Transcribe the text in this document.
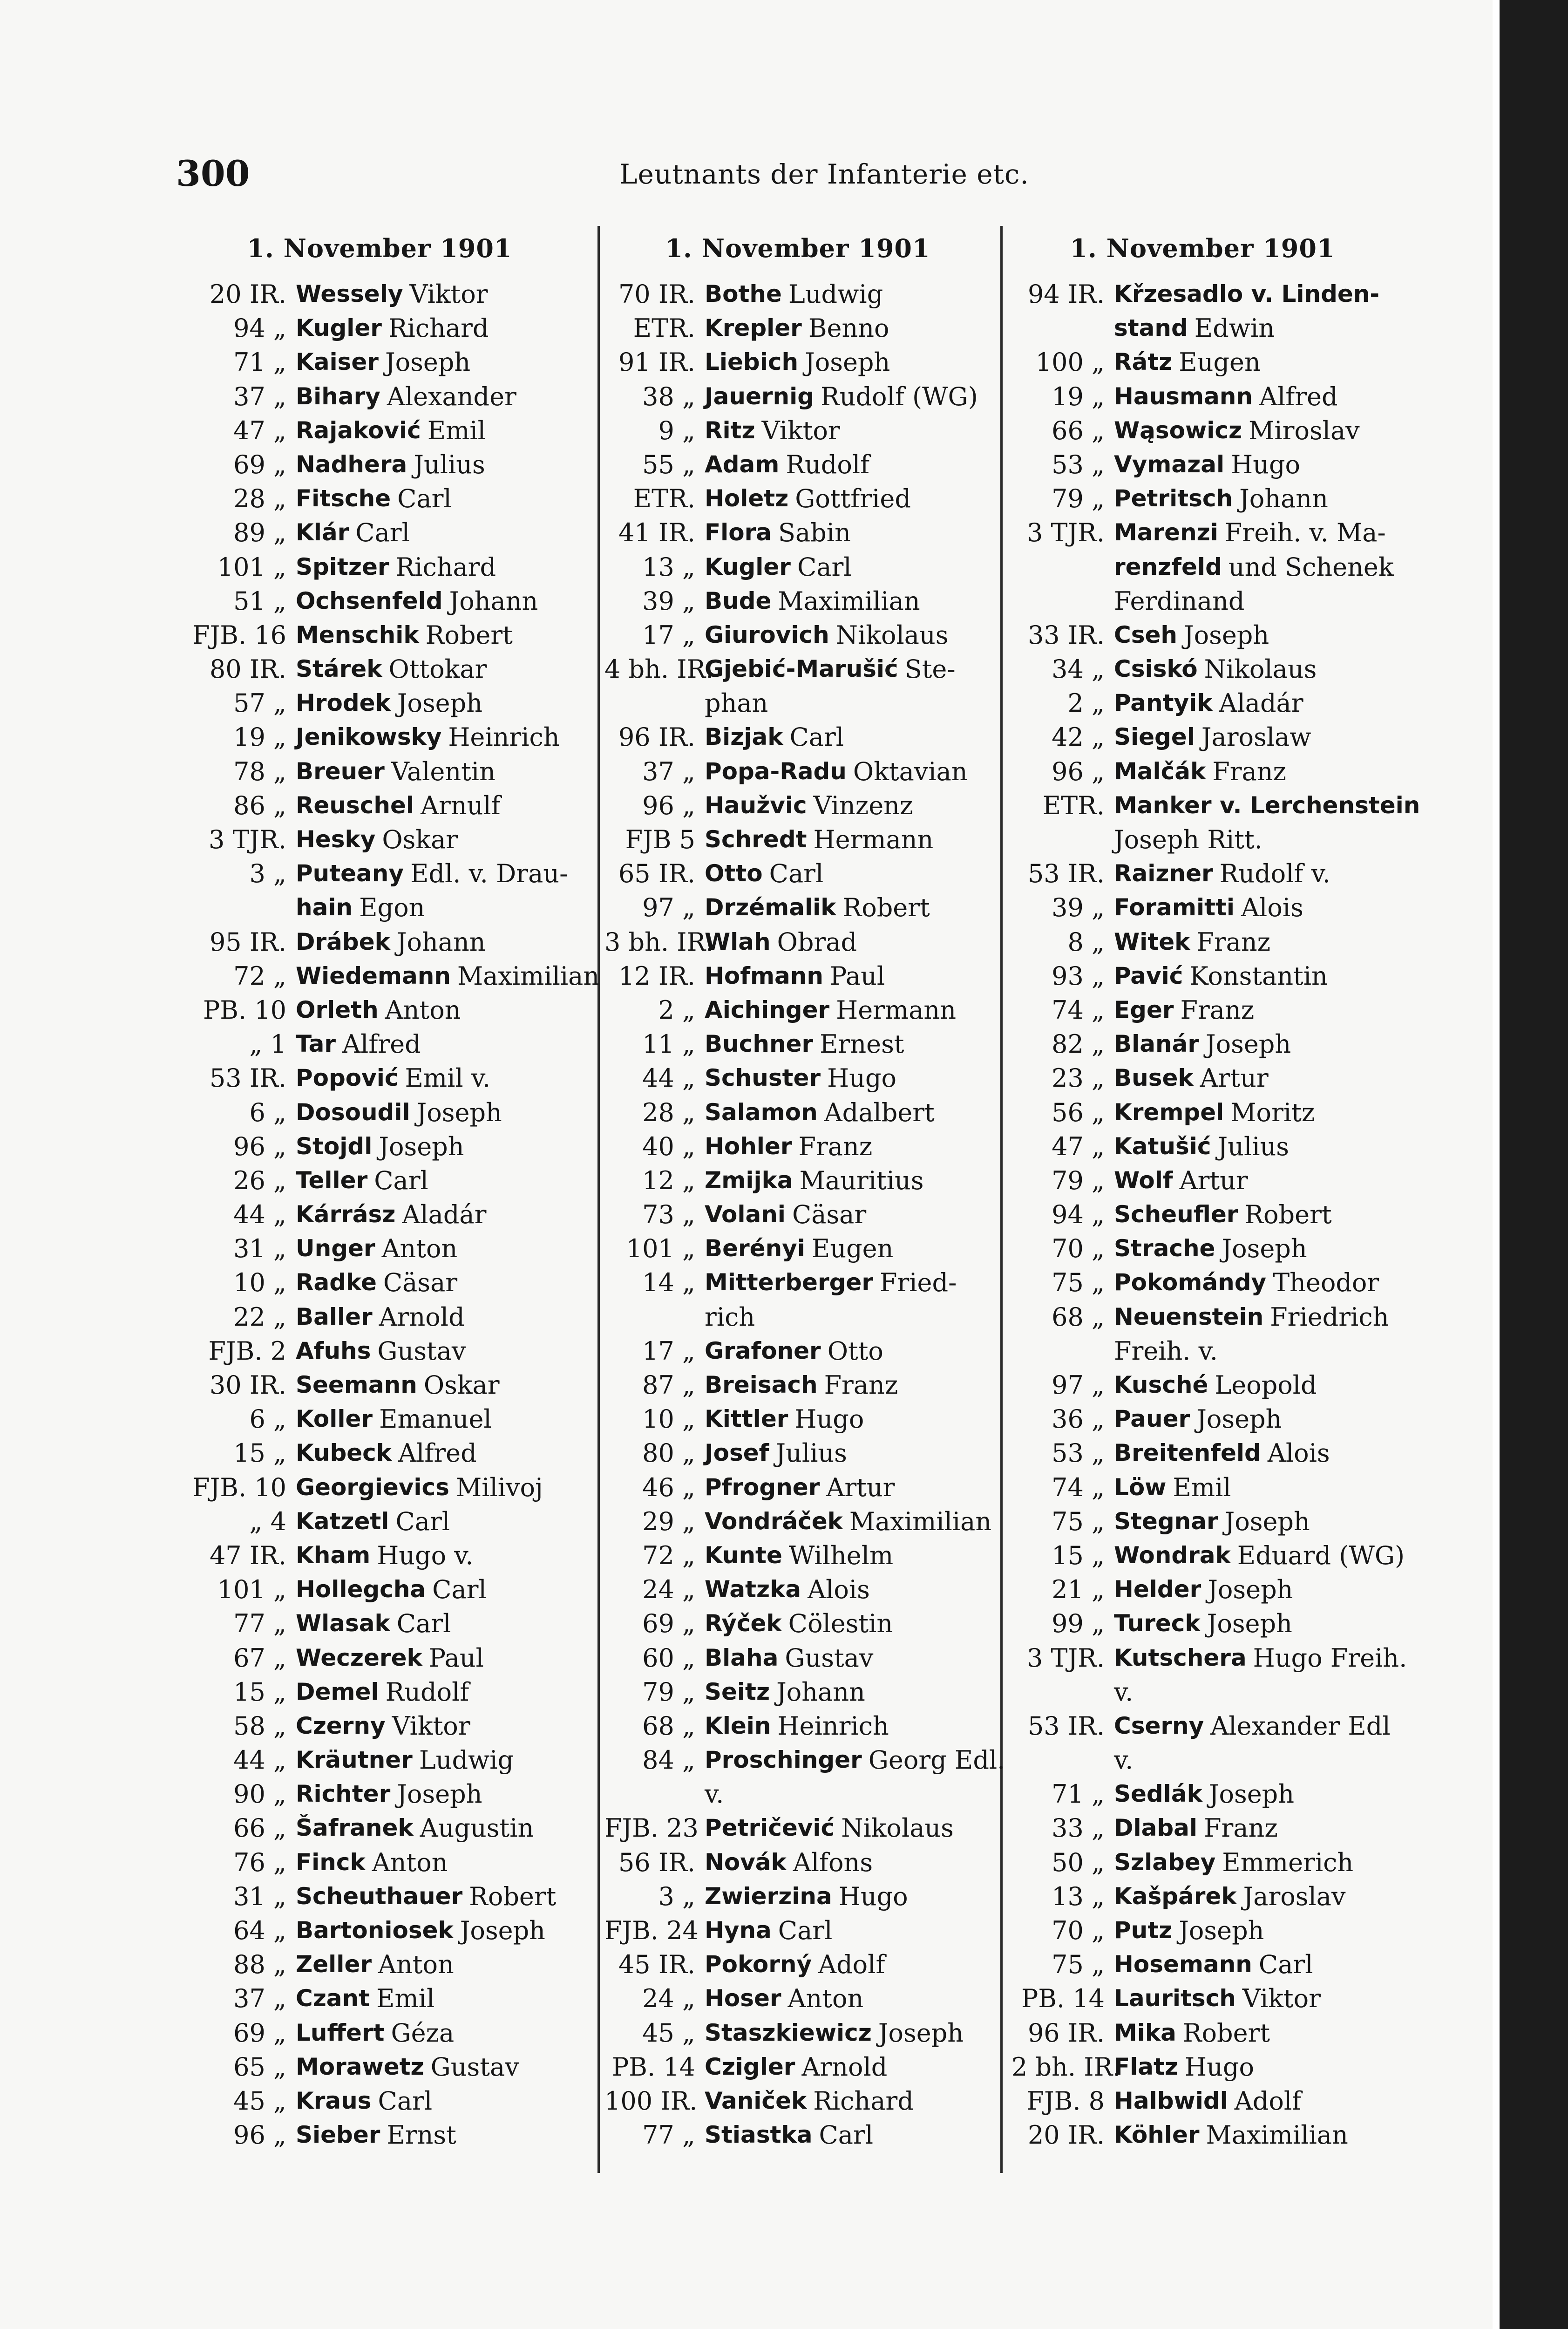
300	Leutnants der Infanterie etc.
1. November 1901
20 IR. Wessely Viktor
94 „ Kugler Richard
71 „ Kaiser Joseph
37 „ Bihary Alexander
47 „ Rajaković Emil
69 „ Nadhera Julius
28 „ Fitsche Carl
89 „ Klár Carl
101 „ Spitzer Richard
51 „ Ochsenfeld Johann
FJB. 16 Menschik Robert
80 IR. Stárek Ottokar
57 „ Hrodek Joseph
19 „ Jenikowsky Heinrich
78 „ Breuer Valentin
86 „ Reuschel Arnulf
3 TJR. Hesky Oskar
3 „ Puteany Edl. v. Drau-
hain Egon
95 IR. Drábek Johann
72 „ Wiedemann Maximilian
PB. 10 Orleth Anton
„ 1 Tar Alfred
53 IR. Popović Emil v.
6 „ Dosoudil Joseph
96 „ Stojdl Joseph
26 „ Teller Carl
44 „ Kárrász Aladár
31 „ Unger Anton
10 „ Radke Cäsar
22 „ Baller Arnold
FJB. 2 Afuhs Gustav
30 IR. Seemann Oskar
6 „ Koller Emanuel
15 „ Kubeck Alfred
FJB. 10 Georgievics Milivoj
„ 4 Katzetl Carl
47 IR. Kham Hugo v.
101 „ Hollegcha Carl
77 „ Wlasak Carl
67 „ Weczerek Paul
15 „ Demel Rudolf
58 „ Czerny Viktor
44 „ Kräutner Ludwig
90 „ Richter Joseph
66 „ Šafranek Augustin
76 „ Finck Anton
31 „ Scheuthauer Robert
64 „ Bartoniosek Joseph
88 „ Zeller Anton
37 „ Czant Emil
69 „ Luffert Géza
65 „ Morawetz Gustav
45 „ Kraus Carl
96 „ Sieber Ernst
1. November 1901
70 IR. Bothe Ludwig
ETR. Krepler Benno
91 IR. Liebich Joseph
38 „ Jauernig Rudolf (WG)
9 „ Ritz Viktor
55 „ Adam Rudolf
ETR. Holetz Gottfried
41 IR. Flora Sabin
13 „ Kugler Carl
39 „ Bude Maximilian
17 „ Giurovich Nikolaus
4 bh. IR.
Gjebić-Marušić Ste-
phan
96 IR. Bizjak Carl
37 „ Popa-Radu Oktavian
96 „ Haužvic Vinzenz
FJB 5 Schredt Hermann
65 IR. Otto Carl
97 „ Drzémalik Robert
3 bh. IR.
Wlah Obrad
12 IR. Hofmann Paul
2 „ Aichinger Hermann
11 „ Buchner Ernest
44 „ Schuster Hugo
28 „ Salamon Adalbert
40 „ Hohler Franz
12 „ Zmijka Mauritius
73 „ Volani Cäsar
101 „ Berényi Eugen
14 „ Mitterberger Fried-
rich
17 „ Grafoner Otto
87 „ Breisach Franz
10 „ Kittler Hugo
80 „ Josef Julius
46 „ Pfrogner Artur
29 „ Vondráček Maximilian
72 „ Kunte Wilhelm
24 „ Watzka Alois
69 „ Rýček Cölestin
60 „ Blaha Gustav
79 „ Seitz Johann
68 „ Klein Heinrich
84 „ Proschinger Georg Edl.
v.
FJB. 23 Petričević Nikolaus
56 IR. Novák Alfons
3 „ Zwierzina Hugo
FJB. 24 Hyna Carl
45 IR. Pokorný Adolf
24 „ Hoser Anton
45 „ Staszkiewicz Joseph
PB. 14 Czigler Arnold
100 IR. Vaniček Richard
77 „ Stiastka Carl
1. November 1901
94 IR. Křzesadlo v. Linden-
stand Edwin
100 „ Rátz Eugen
19 „ Hausmann Alfred
66 „ Wąsowicz Miroslav
53 „ Vymazal Hugo
79 „ Petritsch Johann
3 TJR. Marenzi Freih. v. Ma-
renzfeld und Schenek
Ferdinand
33 IR. Cseh Joseph
34 „ Csiskó Nikolaus
2 „ Pantyik Aladár
42 „ Siegel Jaroslaw
96 „ Malčák Franz
ETR. Manker v. Lerchenstein
Joseph Ritt.
53 IR. Raizner Rudolf v.
39 „ Foramitti Alois
8 „ Witek Franz
93 „ Pavić Konstantin
74 „ Eger Franz
82 „ Blanár Joseph
23 „ Busek Artur
56 „ Krempel Moritz
47 „ Katušić Julius
79 „ Wolf Artur
94 „ Scheufler Robert
70 „ Strache Joseph
75 „ Pokomándy Theodor
68 „ Neuenstein Friedrich
Freih. v.
97 „ Kusché Leopold
36 „ Pauer Joseph
53 „ Breitenfeld Alois
74 „ Löw Emil
75 „ Stegnar Joseph
15 „ Wondrak Eduard (WG)
21 „ Helder Joseph
99 „ Tureck Joseph
3 TJR. Kutschera Hugo Freih.
v.
53 IR. Cserny Alexander Edl
v.
71 „ Sedlák Joseph
33 „ Dlabal Franz
50 „ Szlabey Emmerich
13 „ Kašpárek Jaroslav
70 „ Putz Joseph
75 „ Hosemann Carl
PB. 14 Lauritsch Viktor
96 IR. Mika Robert
2 bh. IR.
Flatz Hugo
FJB. 8 Halbwidl Adolf
20 IR. Köhler Maximilian
